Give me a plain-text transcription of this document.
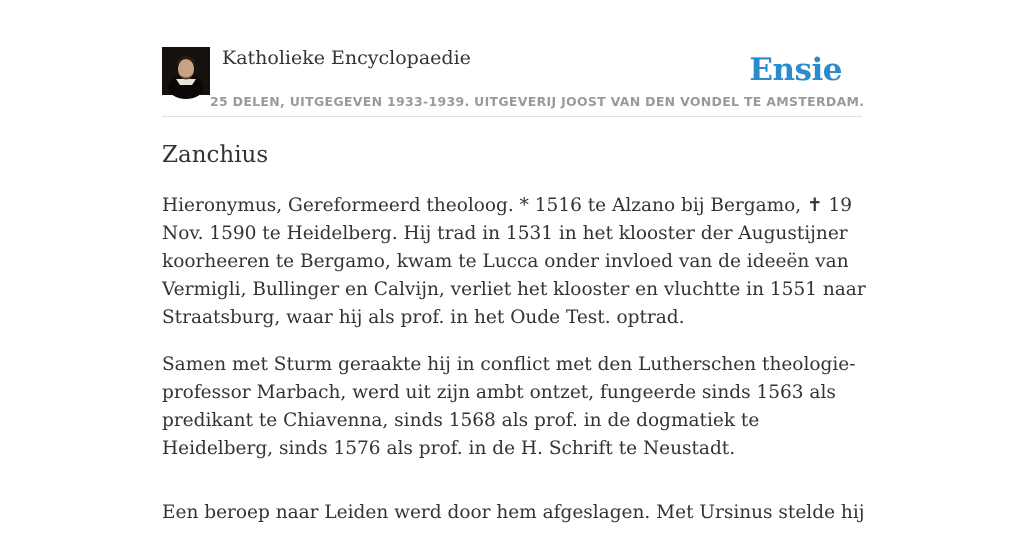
Katholieke Encyclopaedie
25 DELEN, UITGEGEVEN 1933-1939. UITGEVERIJ JOOST VAN DEN VONDEL TE AMSTERDAM.
Ensie
Zanchius

Hieronymus, Gereformeerd theoloog. * 1516 te Alzano bij Bergamo, ✝ 19 Nov. 1590 te Heidelberg. Hij trad in 1531 in het klooster der Augustijner koorheeren te Bergamo, kwam te Lucca onder invloed van de ideeën van Vermigli, Bullinger en Calvijn, verliet het klooster en vluchtte in 1551 naar Straatsburg, waar hij als prof. in het Oude Test. optrad.

Samen met Sturm geraakte hij in conflict met den Lutherschen theologie-professor Marbach, werd uit zijn ambt ontzet, fungeerde sinds 1563 als predikant te Chiavenna, sinds 1568 als prof. in de dogmatiek te Heidelberg, sinds 1576 als prof. in de H. Schrift te Neustadt.

Een beroep naar Leiden werd door hem afgeslagen. Met Ursinus stelde hij
